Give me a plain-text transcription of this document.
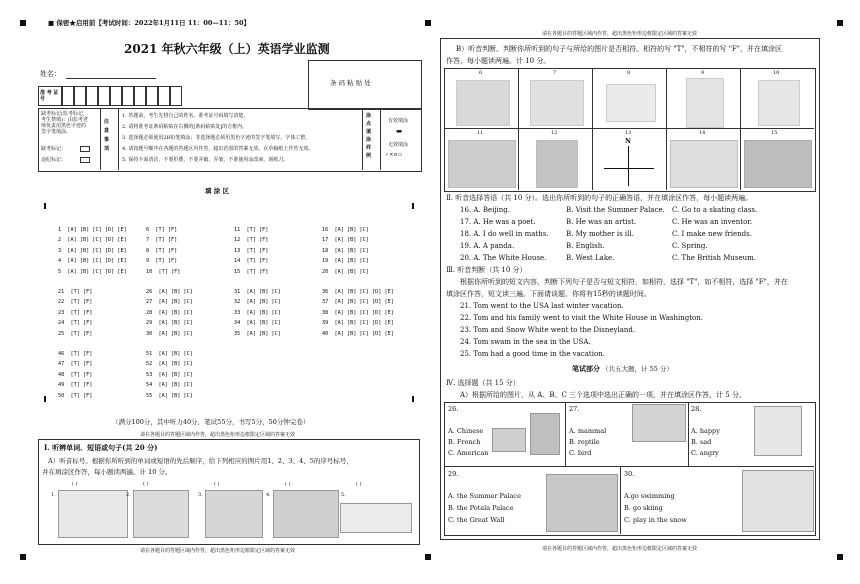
■ 保密★启用前【考试时间：2022年1月11日 11：00—11：50】
2021 年秋六年级（上）英语学业监测
姓名：
条 码 粘 贴 处
准 考 证 号
缺考标记(监考标记,
考生禁填)：由监考老
师负责用黑色字迹的
签字笔填涂。
缺考标记：
违纪标记：
注 意 事 项
1. 答题前，考生先将自己的姓名、准考证号码填写清楚。
2. 请将准考证条码粘贴在右侧的[条码粘贴处]的方框内。
3. 选择题必须使用2B铅笔填涂；非选择题必须用黑色字迹的签字笔填写，字体工整。
4. 请按题号顺序在各题的答题区内作答，超出范围的答案无效，在草稿纸上作答无效。
5. 保持卡面清洁，不要折叠，不要弄破、弄皱，不准使用涂改液、刮纸刀。
涂 点 填 涂 样 例
有效填涂
▬
无效填涂
✓✕⊙▭
填 涂 区

1  [A] [B] [C] [D] [E]
2  [A] [B] [C] [D] [E]
3  [A] [B] [C] [D] [E]
4  [A] [B] [C] [D] [E]
5  [A] [B] [C] [D] [E]

6  [T] [F]
7  [T] [F]
8  [T] [F]
9  [T] [F]
10  [T] [F]

11  [T] [F]
12  [T] [F]
13  [T] [F]
14  [T] [F]
15  [T] [F]

16  [A] [B] [C]
17  [A] [B] [C]
18  [A] [B] [C]
19  [A] [B] [C]
20  [A] [B] [C]

21  [T] [F]
22  [T] [F]
23  [T] [F]
24  [T] [F]
25  [T] [F]

26  [A] [B] [C]
27  [A] [B] [C]
28  [A] [B] [C]
29  [A] [B] [C]
30  [A] [B] [C]

31  [A] [B] [C]
32  [A] [B] [C]
33  [A] [B] [C]
34  [A] [B] [C]
35  [A] [B] [C]

36  [A] [B] [C] [D] [E]
37  [A] [B] [C] [D] [E]
38  [A] [B] [C] [D] [E]
39  [A] [B] [C] [D] [E]
40  [A] [B] [C] [D] [E]

46  [T] [F]
47  [T] [F]
48  [T] [F]
49  [T] [F]
50  [T] [F]

51  [A] [B] [C]
52  [A] [B] [C]
53  [A] [B] [C]
54  [A] [B] [C]
55  [A] [B] [C]

（满分100分，其中听力40分，笔试55分，书写5分，50分钟完卷）
请在各题目的答题区域内作答，超出黑色矩形边框限定区域的答案无效
Ⅰ. 听辨单词、短语或句子(共 20 分)
A）听音标号。根据你所听到的单词或短语的先后顺序，给下列相应的图片用1、2、3、4、5的序号标号，
并在填涂区作答，每小题读两遍。计 10 分。
( )	( )	( )	( )	( )
1.	2.	3.	4.	5.
请在各题目的答题区域内作答，超出黑色矩形边框限定区域的答案无效
请在各题目的答题区域内作答，超出黑色矩形边框限定区域的答案无效
B）听音判断。判断你所听到的句子与所给的图片是否相符。相符的写 "T"，不相符的写 "F"，并在填涂区
作答，每小题读两遍。计 10 分。
6	7	8	9	10
11	12	13	14	15
N
Ⅱ. 听音选择答语（共 10 分）。选出你所听到的句子的正确答语，并在填涂区作答，每小题读两遍。
16. A. Beijing.	B. Visit the Summer Palace. C. Go to a skating class.
17. A. He was a poet.	B. He was an artist.	C. He was an inventor.
18. A. I do well in maths. B. My mother is ill.	C. I make new friends.
19. A. A panda.	B. English.	C. Spring.
20. A. The White House.	B. West Lake.	C. The British Museum.
Ⅲ. 听音判断（共 10 分）
根据你所听到的短文内容，判断下列句子是否与短文相符，如相符，选择 "T"，如不相符，选择 "F"，并在
填涂区作答，短文读三遍。下面请谈题，你将有15秒的读题时间。
21. Tom went to the USA last winter vacation.
22. Tom and his family went to visit the White House in Washington.
23. Tom and Snow White went to the Disneyland.
24. Tom swam in the sea in the USA.
25. Tom had a good time in the vacation.
笔试部分 （共五大题，计 55 分）
Ⅳ. 选择题（共 15 分）
A）根据所给的图片，从 A、B、C 三个选项中选出正确的一项，并在填涂区作答，计 5 分。
26.
A. Chinese
B. French
C. American
27.
A. mammal
B. reptile
C. bird
28.
A. happy
B. sad
C. angry
29.
A. the Summer Palace
B. the Potala Palace
C. the Great Wall
30.
A.go swimming
B. go skiing
C. play in the snow
请在各题目的答题区域内作答，超出黑色矩形边框限定区域的答案无效
